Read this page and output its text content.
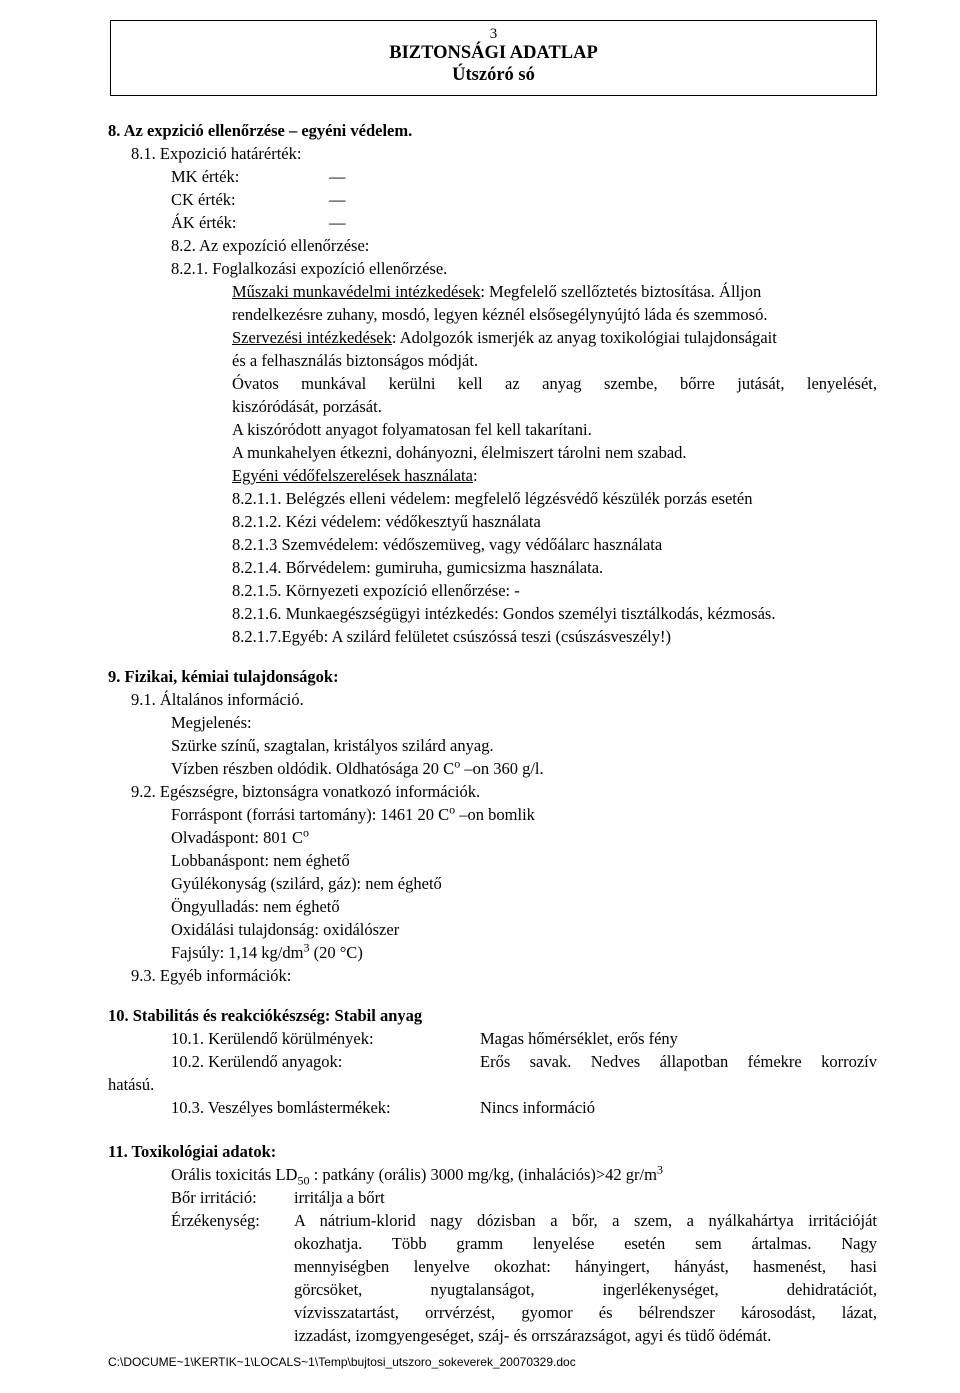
3
BIZTONSÁGI ADATLAP
Útszóró só
8. Az expzició ellenőrzése – egyéni védelem.
8.1. Expozició határérték:
MK érték:	—
CK érték:	—
ÁK érték:	—
8.2. Az expozíció ellenőrzése:
8.2.1. Foglalkozási expozíció ellenőrzése.
Műszaki munkavédelmi intézkedések: Megfelelő szellőztetés biztosítása. Álljon
rendelkezésre zuhany, mosdó, legyen kéznél elsősegélynyújtó láda és szemmosó.
Szervezési intézkedések: Adolgozók ismerjék az anyag toxikológiai tulajdonságait
és a felhasználás biztonságos módját.
Óvatos munkával kerülni kell az anyag szembe, bőrre jutását, lenyelését,
kiszóródását, porzását.
A kiszóródott anyagot folyamatosan fel kell takarítani.
A munkahelyen étkezni, dohányozni, élelmiszert tárolni nem szabad.
Egyéni védőfelszerelések használata:
8.2.1.1. Belégzés elleni védelem: megfelelő légzésvédő készülék porzás esetén
8.2.1.2. Kézi védelem: védőkesztyű használata
8.2.1.3 Szemvédelem: védőszemüveg, vagy védőálarc használata
8.2.1.4. Bőrvédelem: gumiruha, gumicsizma használata.
8.2.1.5. Környezeti expozíció ellenőrzése: -
8.2.1.6. Munkaegészségügyi intézkedés: Gondos személyi tisztálkodás, kézmosás.
8.2.1.7.Egyéb: A szilárd felületet csúszóssá teszi (csúszásveszély!)
9. Fizikai, kémiai tulajdonságok:
9.1. Általános információ.
Megjelenés:
Szürke színű, szagtalan, kristályos szilárd anyag.
Vízben részben oldódik. Oldhatósága 20 $C^o$ –on 360 g/l.
9.2. Egészségre, biztonságra vonatkozó információk.
Forráspont (forrási tartomány): 1461 20 $C^o$ –on bomlik
Olvadáspont: 801 $C^o$
Lobbanáspont: nem éghető
Gyúlékonyság (szilárd, gáz): nem éghető
Öngyulladás: nem éghető
Oxidálási tulajdonság: oxidálószer
Fajsúly: 1,14 $kg/dm^3$ (20 °C)
9.3. Egyéb információk:
10. Stabilitás és reakciókészség: Stabil anyag
10.1. Kerülendő körülmények:	Magas hőmérséklet, erős fény
10.2. Kerülendő anyagok:	Erős savak. Nedves állapotban fémekre korrozív
hatású.
10.3. Veszélyes bomlástermékek:	Nincs információ
11. Toxikológiai adatok:
Orális toxicitás $LD_{50}$ : patkány (orális) 3000 mg/kg, (inhalációs)>42 $gr/m^3$
Bőr irritáció: irritálja a bőrt
Érzékenység: A nátrium-klorid nagy dózisban a bőr, a szem, a nyálkahártya irritációját
okozhatja. Több gramm lenyelése esetén sem ártalmas. Nagy
mennyiségben lenyelve okozhat: hányingert, hányást, hasmenést, hasi
görcsöket, nyugtalanságot, ingerlékenységet, dehidratációt,
vízvisszatartást, orrvérzést, gyomor és bélrendszer károsodást, lázat,
izzadást, izomgyengeséget, száj- és orrszárazságot, agyi és tüdő ödémát.
C:\DOCUME~1\KERTIK~1\LOCALS~1\Temp\bujtosi_utszoro_sokeverek_20070329.doc
